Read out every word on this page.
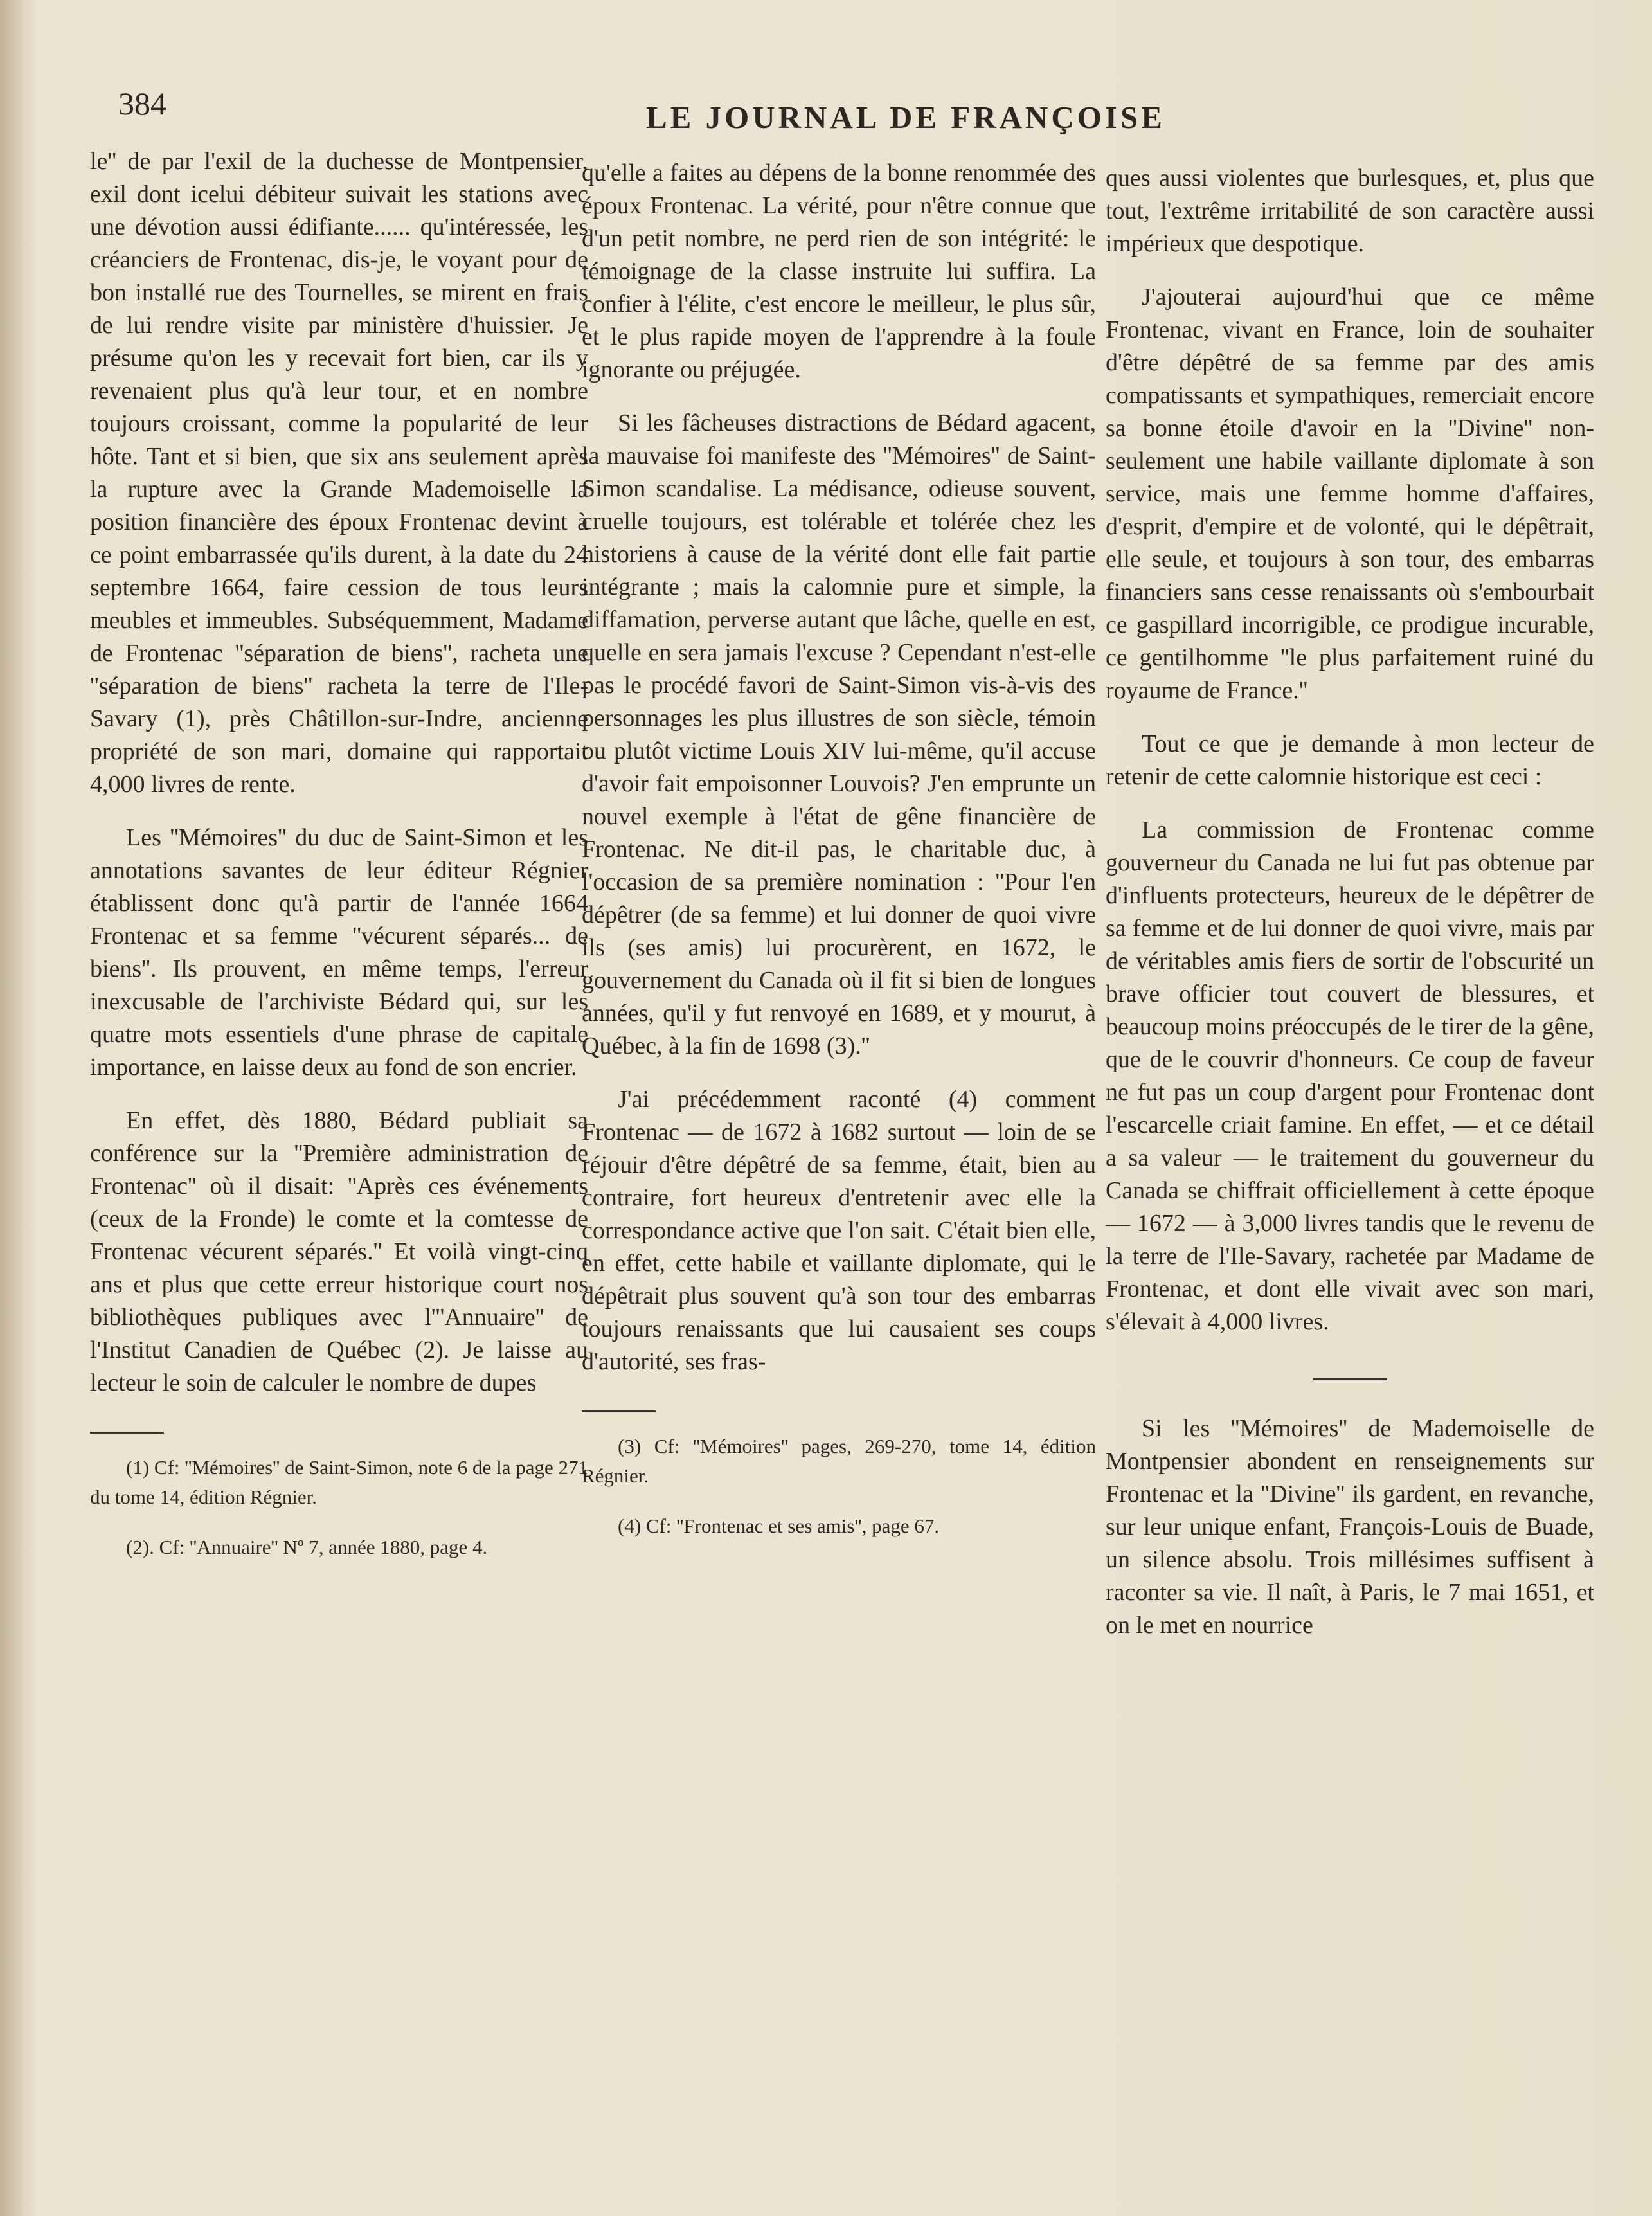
384	LE JOURNAL DE FRANÇOISE

le'' de par l'exil de la duchesse de Montpensier, exil dont icelui débiteur suivait les stations avec une dévotion aussi édifiante...... qu'intéressée, les créanciers de Frontenac, dis-je, le voyant pour de bon installé rue des Tournelles, se mirent en frais de lui rendre visite par ministère d'huissier. Je présume qu'on les y recevait fort bien, car ils y revenaient plus qu'à leur tour, et en nombre toujours croissant, comme la popularité de leur hôte. Tant et si bien, que six ans seulement après la rupture avec la Grande Mademoiselle la position financière des époux Frontenac devint à ce point embarrassée qu'ils durent, à la date du 24 septembre 1664, faire cession de tous leurs meubles et immeubles. Subséquemment, Madame de Frontenac ''séparation de biens'', racheta une ''séparation de biens'' racheta la terre de l'Ile-Savary (1), près Châtillon-sur-Indre, ancienne propriété de son mari, domaine qui rapportait 4,000 livres de rente.

Les ''Mémoires'' du duc de Saint-Simon et les annotations savantes de leur éditeur Régnier établissent donc qu'à partir de l'année 1664 Frontenac et sa femme ''vécurent séparés... de biens''. Ils prouvent, en même temps, l'erreur inexcusable de l'archiviste Bédard qui, sur les quatre mots essentiels d'une phrase de capitale importance, en laisse deux au fond de son encrier.

En effet, dès 1880, Bédard publiait sa conférence sur la ''Première administration de Frontenac'' où il disait: ''Après ces événements (ceux de la Fronde) le comte et la comtesse de Frontenac vécurent séparés.'' Et voilà vingt-cinq ans et plus que cette erreur historique court nos bibliothèques publiques avec l'''Annuaire'' de l'Institut Canadien de Québec (2). Je laisse au lecteur le soin de calculer le nombre de dupes

(1) Cf: ''Mémoires'' de Saint-Simon, note 6 de la page 271 du tome 14, édition Régnier.

(2). Cf: ''Annuaire'' Nº 7, année 1880, page 4.

qu'elle a faites au dépens de la bonne renommée des époux Frontenac. La vérité, pour n'être connue que d'un petit nombre, ne perd rien de son intégrité: le témoignage de la classe instruite lui suffira. La confier à l'élite, c'est encore le meilleur, le plus sûr, et le plus rapide moyen de l'apprendre à la foule ignorante ou préjugée.

Si les fâcheuses distractions de Bédard agacent, la mauvaise foi manifeste des ''Mémoires'' de Saint-Simon scandalise. La médisance, odieuse souvent, cruelle toujours, est tolérable et tolérée chez les historiens à cause de la vérité dont elle fait partie intégrante ; mais la calomnie pure et simple, la diffamation, perverse autant que lâche, quelle en est, quelle en sera jamais l'excuse ? Cependant n'est-elle pas le procédé favori de Saint-Simon vis-à-vis des personnages les plus illustres de son siècle, témoin ou plutôt victime Louis XIV lui-même, qu'il accuse d'avoir fait empoisonner Louvois? J'en emprunte un nouvel exemple à l'état de gêne financière de Frontenac. Ne dit-il pas, le charitable duc, à l'occasion de sa première nomination : ''Pour l'en dépêtrer (de sa femme) et lui donner de quoi vivre ils (ses amis) lui procurèrent, en 1672, le gouvernement du Canada où il fit si bien de longues années, qu'il y fut renvoyé en 1689, et y mourut, à Québec, à la fin de 1698 (3).''

J'ai précédemment raconté (4) comment Frontenac — de 1672 à 1682 surtout — loin de se réjouir d'être dépêtré de sa femme, était, bien au contraire, fort heureux d'entretenir avec elle la correspondance active que l'on sait. C'était bien elle, en effet, cette habile et vaillante diplomate, qui le dépêtrait plus souvent qu'à son tour des embarras toujours renaissants que lui causaient ses coups d'autorité, ses fras-

(3) Cf: ''Mémoires'' pages, 269-270, tome 14, édition Régnier.

(4) Cf: ''Frontenac et ses amis'', page 67.

ques aussi violentes que burlesques, et, plus que tout, l'extrême irritabilité de son caractère aussi impérieux que despotique.

J'ajouterai aujourd'hui que ce même Frontenac, vivant en France, loin de souhaiter d'être dépêtré de sa femme par des amis compatissants et sympathiques, remerciait encore sa bonne étoile d'avoir en la ''Divine'' non-seulement une habile vaillante diplomate à son service, mais une femme homme d'affaires, d'esprit, d'empire et de volonté, qui le dépêtrait, elle seule, et toujours à son tour, des embarras financiers sans cesse renaissants où s'embourbait ce gaspillard incorrigible, ce prodigue incurable, ce gentilhomme ''le plus parfaitement ruiné du royaume de France.''

Tout ce que je demande à mon lecteur de retenir de cette calomnie historique est ceci :

La commission de Frontenac comme gouverneur du Canada ne lui fut pas obtenue par d'influents protecteurs, heureux de le dépêtrer de sa femme et de lui donner de quoi vivre, mais par de véritables amis fiers de sortir de l'obscurité un brave officier tout couvert de blessures, et beaucoup moins préoccupés de le tirer de la gêne, que de le couvrir d'honneurs. Ce coup de faveur ne fut pas un coup d'argent pour Frontenac dont l'escarcelle criait famine. En effet, — et ce détail a sa valeur — le traitement du gouverneur du Canada se chiffrait officiellement à cette époque — 1672 — à 3,000 livres tandis que le revenu de la terre de l'Ile-Savary, rachetée par Madame de Frontenac, et dont elle vivait avec son mari, s'élevait à 4,000 livres.

Si les ''Mémoires'' de Mademoiselle de Montpensier abondent en renseignements sur Frontenac et la ''Divine'' ils gardent, en revanche, sur leur unique enfant, François-Louis de Buade, un silence absolu. Trois millésimes suffisent à raconter sa vie. Il naît, à Paris, le 7 mai 1651, et on le met en nourrice
